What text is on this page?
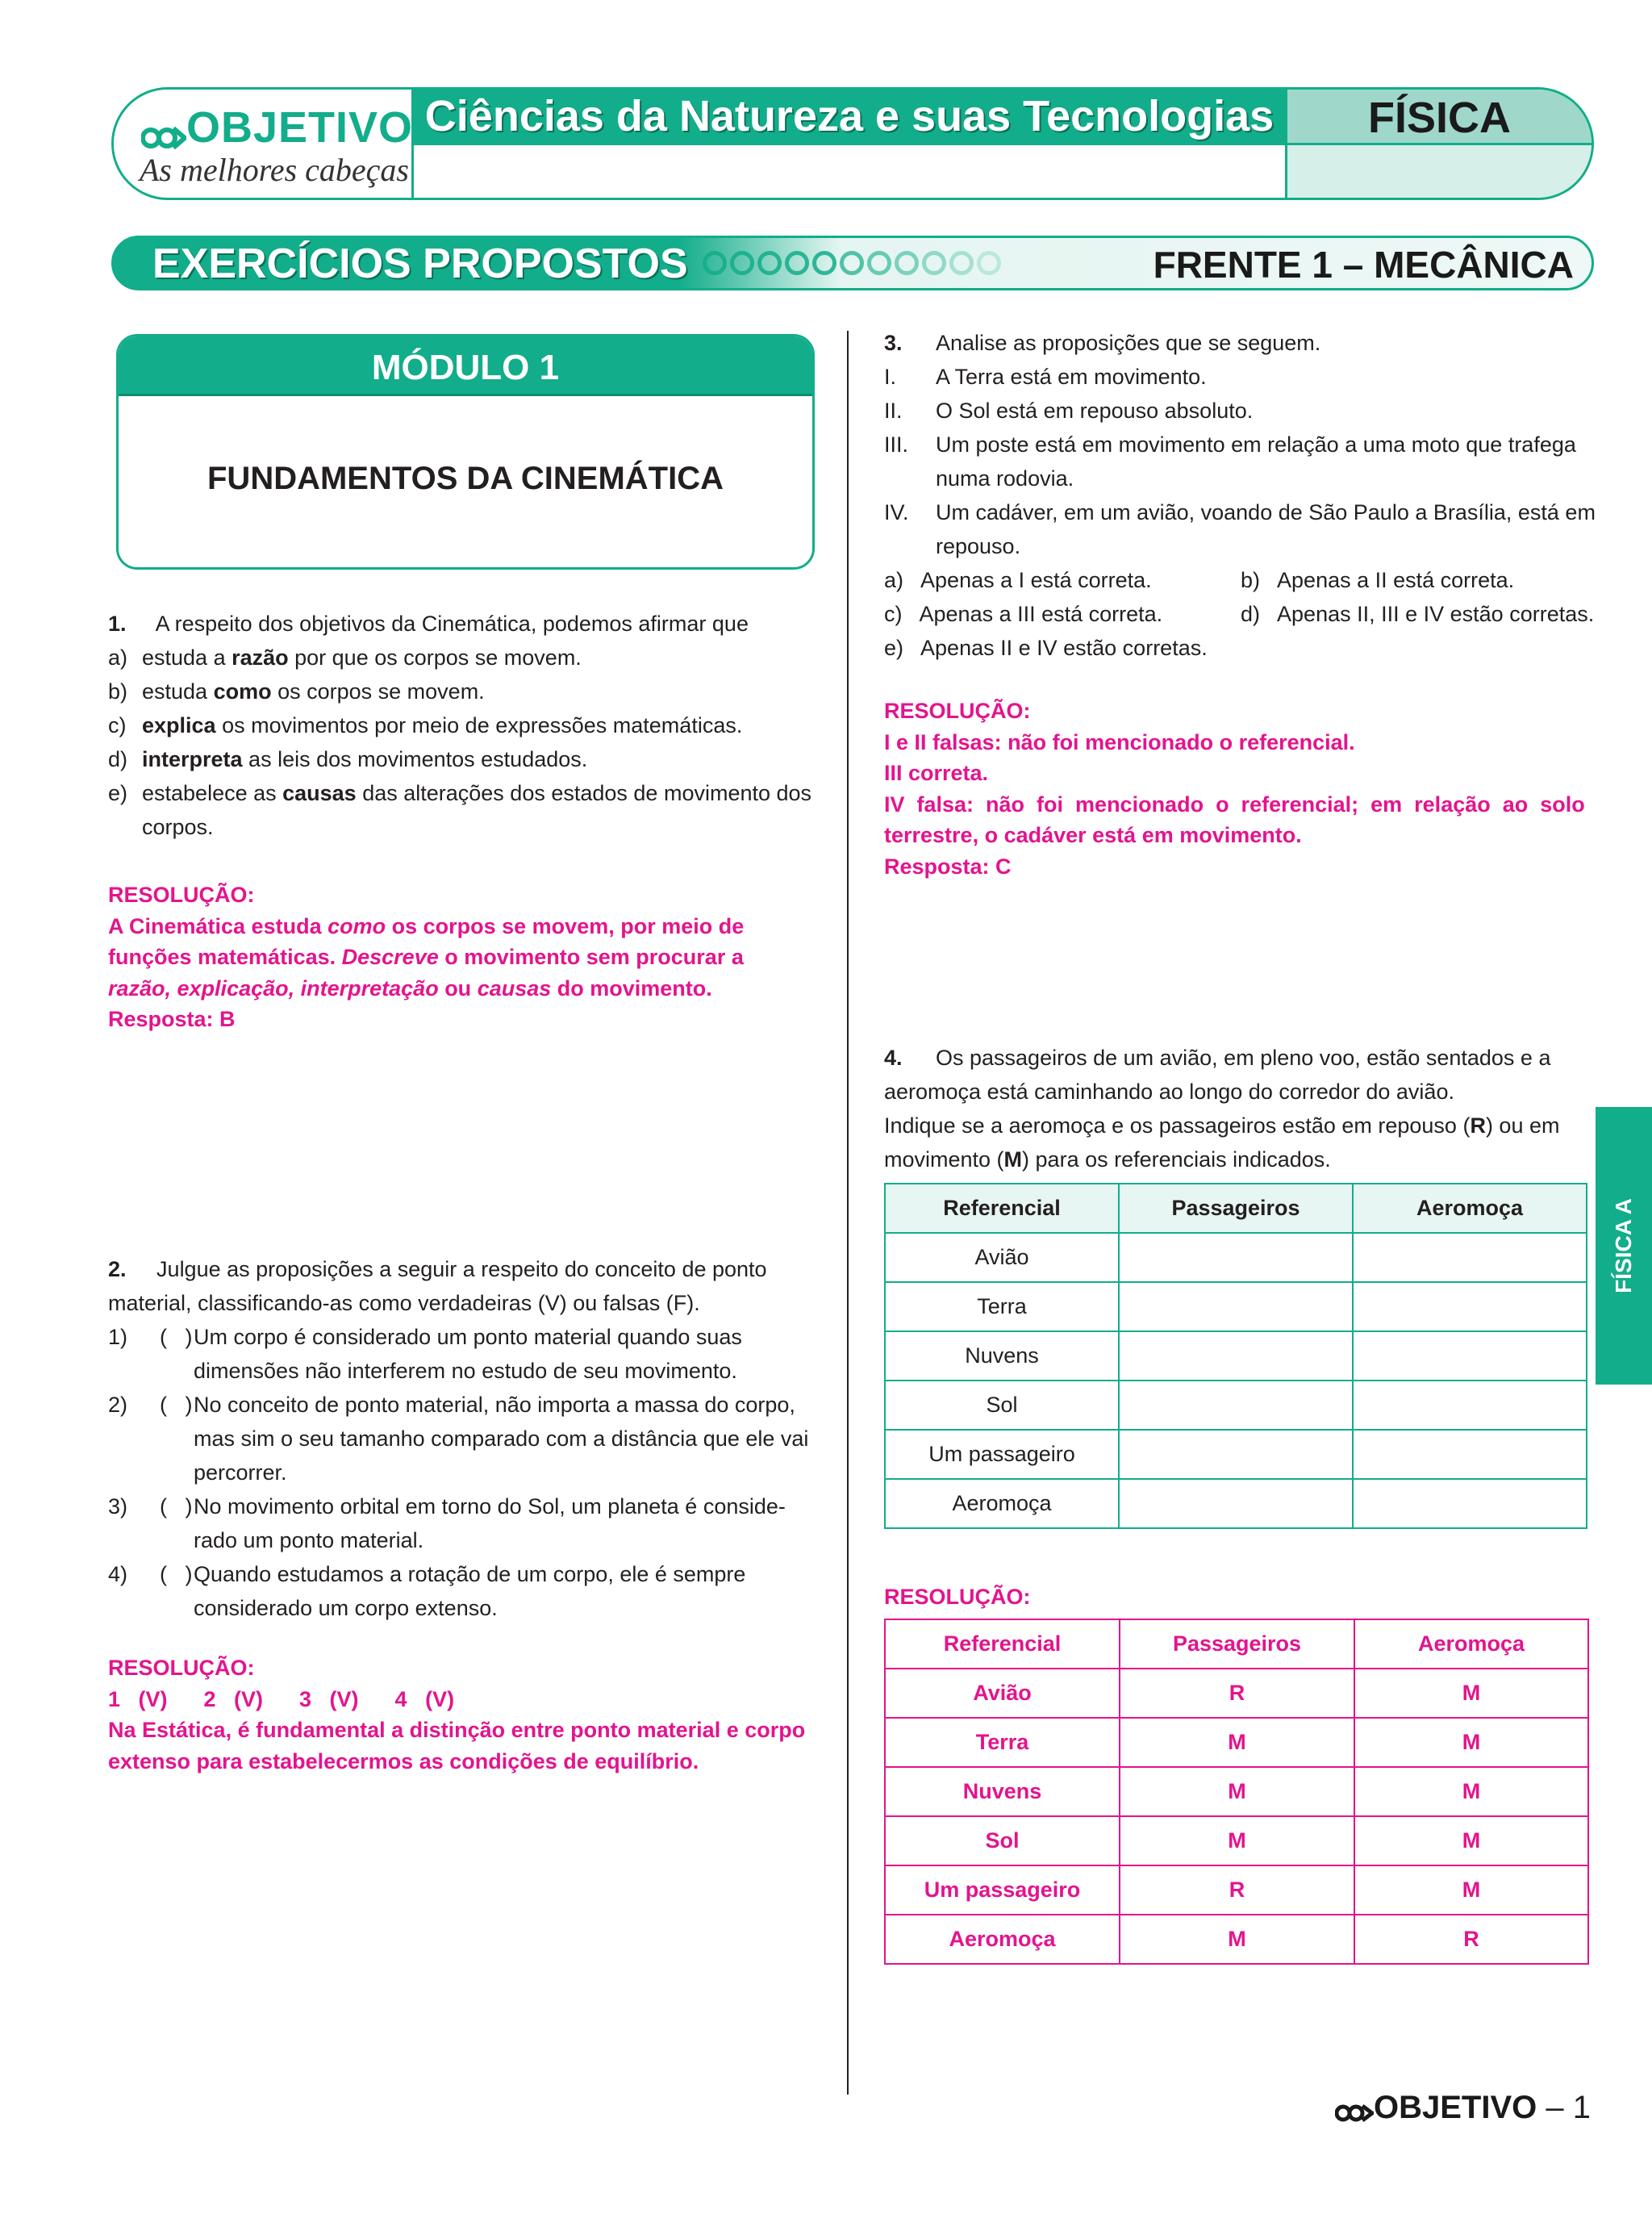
OBJETIVO
As melhores cabeças
Ciências da Natureza e suas Tecnologias	FÍSICA
EXERCÍCIOS PROPOSTOS	FRENTE 1 – MECÂNICA
MÓDULO 1
FUNDAMENTOS DA CINEMÁTICA
1. A respeito dos objetivos da Cinemática, podemos afirmar que
a) estuda a razão por que os corpos se movem.
b) estuda como os corpos se movem.
c) explica os movimentos por meio de expressões matemáticas.
d) interpreta as leis dos movimentos estudados.
e) estabelece as causas das alterações dos estados de movimento dos
corpos.
RESOLUÇÃO:
A Cinemática estuda como os corpos se movem, por meio de
funções matemáticas. Descreve o movimento sem procurar a
razão, explicação, interpretação ou causas do movimento.
Resposta: B
2. Julgue as proposições a seguir a respeito do conceito de ponto
material, classificando-as como verdadeiras (V) ou falsas (F).
1) (   )Um corpo é considerado um ponto material quando suas
dimensões não interferem no estudo de seu movimento.
2) (   )No conceito de ponto material, não importa a massa do corpo,
mas sim o seu tamanho comparado com a distância que ele vai
percorrer.
3) (   )No movimento orbital em torno do Sol, um planeta é conside-
rado um ponto material.
4) (   )Quando estudamos a rotação de um corpo, ele é sempre
considerado um corpo extenso.
RESOLUÇÃO:
1   (V)      2   (V)      3   (V)      4   (V)
Na Estática, é fundamental a distinção entre ponto material e corpo
extenso para estabelecermos as condições de equilíbrio.
3. Analise as proposições que se seguem.
I. A Terra está em movimento.
II. O Sol está em repouso absoluto.
III. Um poste está em movimento em relação a uma moto que trafega
numa rodovia.
IV. Um cadáver, em um avião, voando de São Paulo a Brasília, está em
repouso.
a)   Apenas a I está correta.	b)   Apenas a II está correta.
c)   Apenas a III está correta.	d)   Apenas II, III e IV estão corretas.
e)   Apenas II e IV estão corretas.
RESOLUÇÃO:
I e II falsas: não foi mencionado o referencial.
III correta.
IV  falsa:  não  foi  mencionado  o  referencial;  em  relação  ao  solo
terrestre, o cadáver está em movimento.
Resposta: C
4. Os passageiros de um avião, em pleno voo, estão sentados e a
aeromoça está caminhando ao longo do corredor do avião.
Indique se a aeromoça e os passageiros estão em repouso (R) ou em
movimento (M) para os referenciais indicados.
Referencial	Passageiros	Aeromoça
Avião		
Terra		
Nuvens		
Sol		
Um passageiro		
Aeromoça		
RESOLUÇÃO:
Referencial	Passageiros	Aeromoça
Avião	R	M
Terra	M	M
Nuvens	M	M
Sol	M	M
Um passageiro	R	M
Aeromoça	M	R
FÍSICA A
OBJETIVO – 1
